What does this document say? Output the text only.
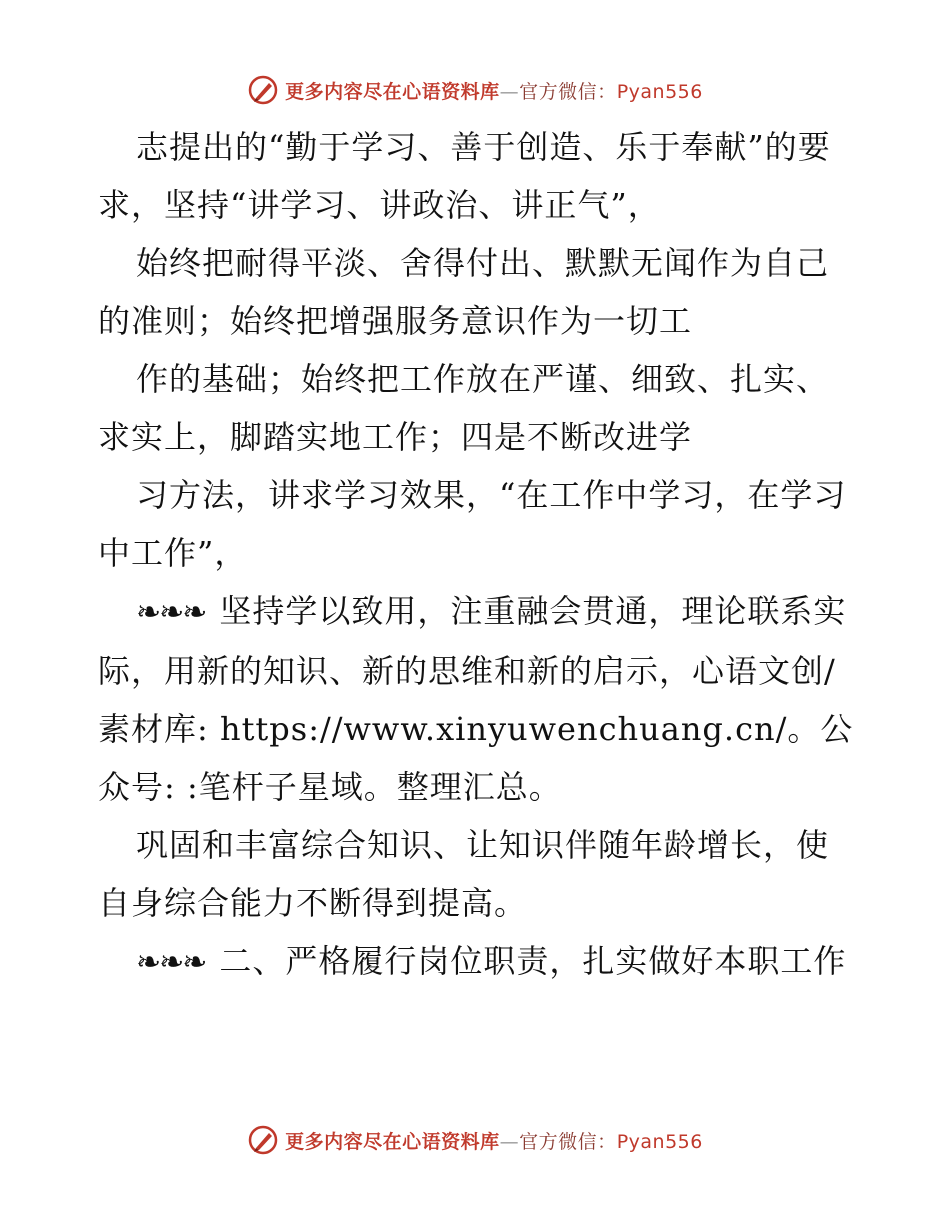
更多内容尽在心语资料库—官方微信：Pyan556

志提出的“勤于学习、善于创造、乐于奉献”的要求，坚持“讲学习、讲政治、讲正气”，

始终把耐得平淡、舍得付出、默默无闻作为自己的准则；始终把增强服务意识作为一切工

作的基础；始终把工作放在严谨、细致、扎实、求实上，脚踏实地工作；四是不断改进学

习方法，讲求学习效果，“在工作中学习，在学习中工作”，

❧❧❧ 坚持学以致用，注重融会贯通，理论联系实际，用新的知识、新的思维和新的启示，心语文创/素材库: https://www.xinyuwenchuang.cn/。公众号: :笔杆子星域。整理汇总。

巩固和丰富综合知识、让知识伴随年龄增长，使自身综合能力不断得到提高。

❧❧❧ 二、严格履行岗位职责，扎实做好本职工作

更多内容尽在心语资料库—官方微信：Pyan556
